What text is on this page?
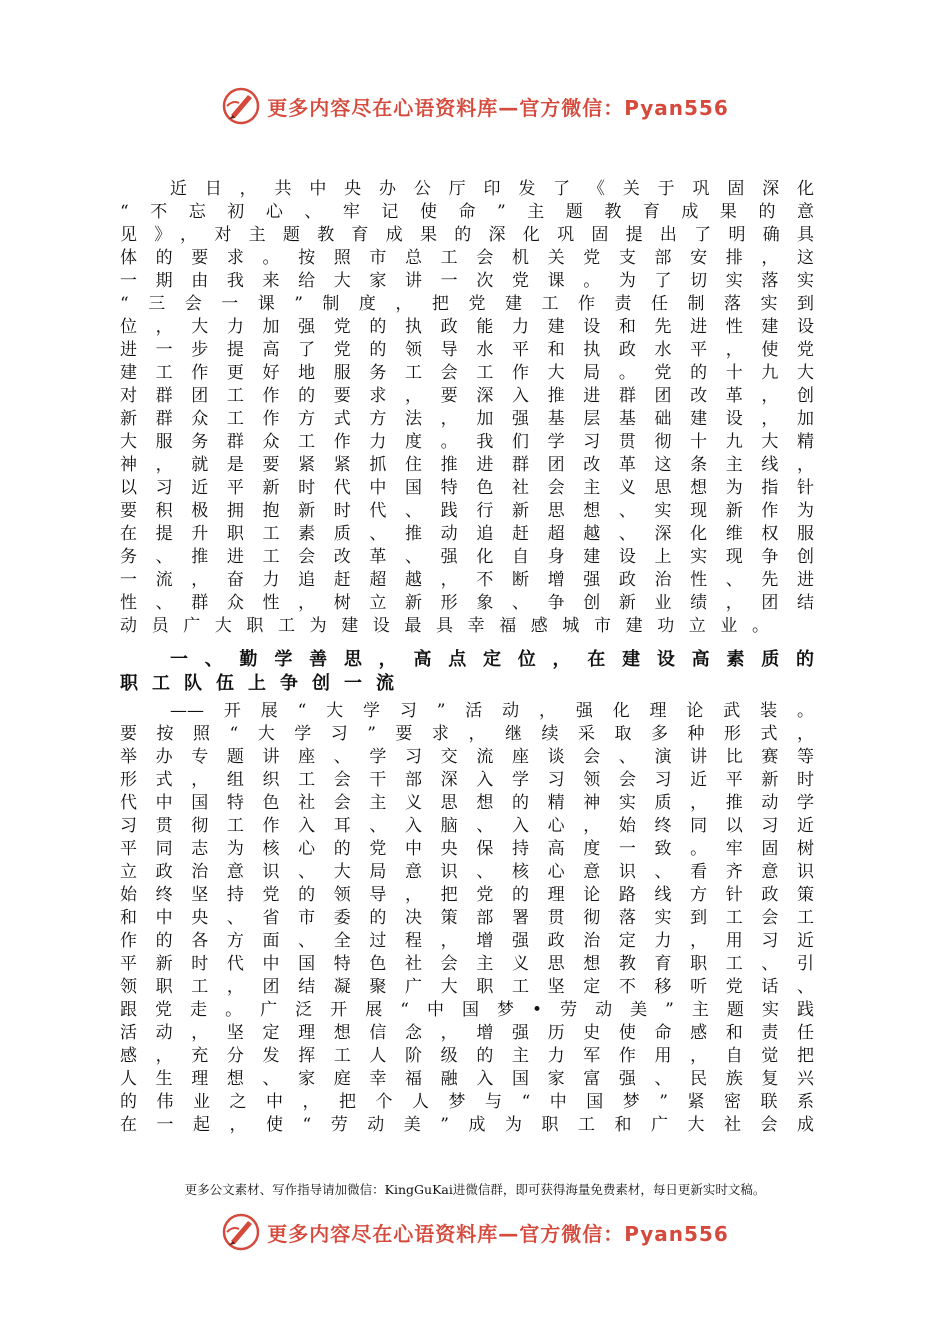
更多内容尽在心语资料库—官方微信：Pyan556
近日，共中央办公厅印发了《关于巩固深化
“不忘初心、牢记使命”主题教育成果的意
见》，对主题教育成果的深化巩固提出了明确具
体的要求。按照市总工会机关党支部安排，这
一期由我来给大家讲一次党课。为了切实落实
“三会一课”制度，把党建工作责任制落实到
位，大力加强党的执政能力建设和先进性建设
进一步提高了党的领导水平和执政水平，使党
建工作更好地服务工会工作大局。党的十九大
对群团工作的要求，要深入推进群团改革，创
新群众工作方式方法，加强基层基础建设，加
大服务群众工作力度。我们学习贯彻十九大精
神，就是要紧紧抓住推进群团改革这条主线，
以习近平新时代中国特色社会主义思想为指针
要积极拥抱新时代、践行新思想、实现新作为
在提升职工素质、推动追赶超越、深化维权服
务、推进工会改革、强化自身建设上实现争创
一流，奋力追赶超越，不断增强政治性、先进
性、群众性，树立新形象、争创新业绩，团结
动员广大职工为建设最具幸福感城市建功立业。
一、勤学善思，高点定位，在建设高素质的
职工队伍上争创一流
——开展“大学习”活动，强化理论武装。
要按照“大学习”要求，继续采取多种形式，
举办专题讲座、学习交流座谈会、演讲比赛等
形式，组织工会干部深入学习领会习近平新时
代中国特色社会主义思想的精神实质，推动学
习贯彻工作入耳、入脑、入心，始终同以习近
平同志为核心的党中央保持高度一致。牢固树
立政治意识、大局意识、核心意识、看齐意识
始终坚持党的领导，把党的理论路线方针政策
和中央、省市委的决策部署贯彻落实到工会工
作的各方面、全过程，增强政治定力，用习近
平新时代中国特色社会主义思想教育职工、引
领职工，团结凝聚广大职工坚定不移听党话、
跟党走。广泛开展“中国梦•劳动美”主题实践
活动，坚定理想信念，增强历史使命感和责任
感，充分发挥工人阶级的主力军作用，自觉把
人生理想、家庭幸福融入国家富强、民族复兴
的伟业之中，把个人梦与“中国梦”紧密联系
在一起，使“劳动美”成为职工和广大社会成
更多公文素材、写作指导请加微信：KingGuKai进微信群，即可获得海量免费素材，每日更新实时文稿。
更多内容尽在心语资料库—官方微信：Pyan556
